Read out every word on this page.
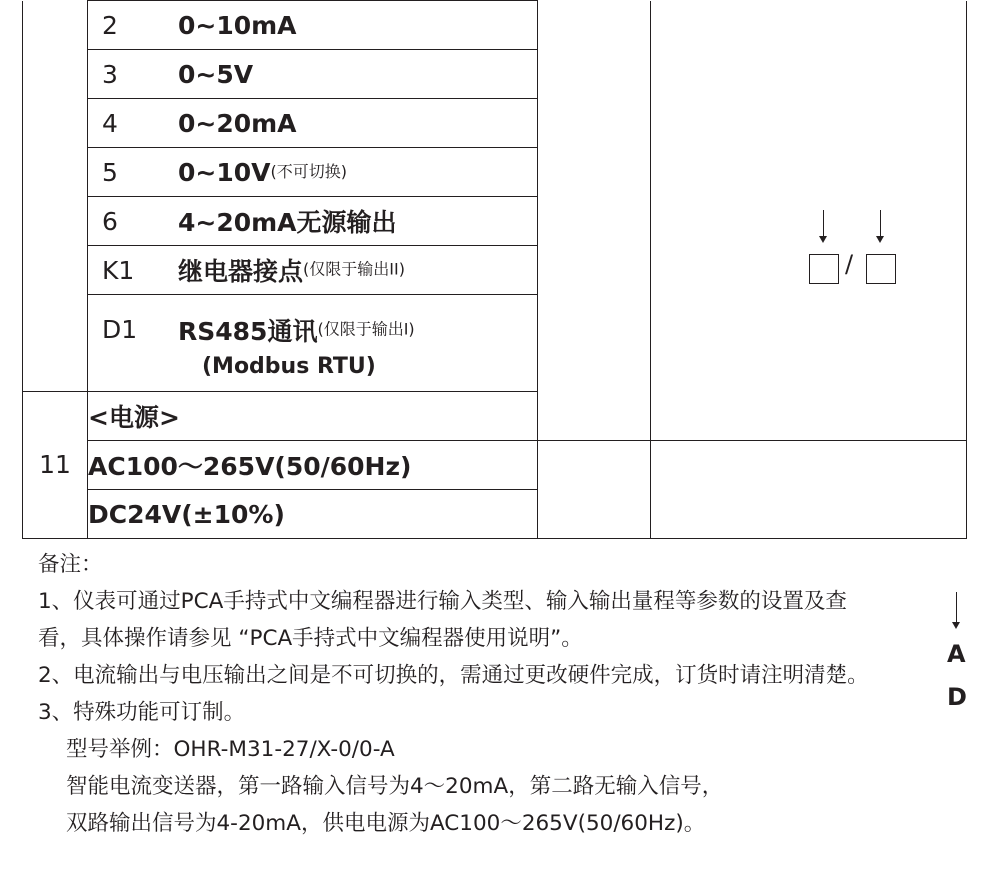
	2 0~10mA		/
A
D

	3 0~5V		
	4 0~20mA		
	5 0~10V(不可切换)		
	6 4~20mA无源输出		
	K1 继电器接点(仅限于输出II)		

	D1 RS485通讯(仅限于输出I)
(Modbus RTU)		

11	<电源>		
	AC100～265V(50/60Hz)		
	DC24V(±10%)		

备注：

1、仪表可通过PCA手持式中文编程器进行输入类型、输入输出量程等参数的设置及查

看，具体操作请参见 “PCA手持式中文编程器使用说明”。

2、电流输出与电压输出之间是不可切换的，需通过更改硬件完成，订货时请注明清楚。

3、特殊功能可订制。

型号举例：OHR-M31-27/X-0/0-A

智能电流变送器，第一路输入信号为4～20mA，第二路无输入信号，

双路输出信号为4-20mA，供电电源为AC100～265V(50/60Hz)。
